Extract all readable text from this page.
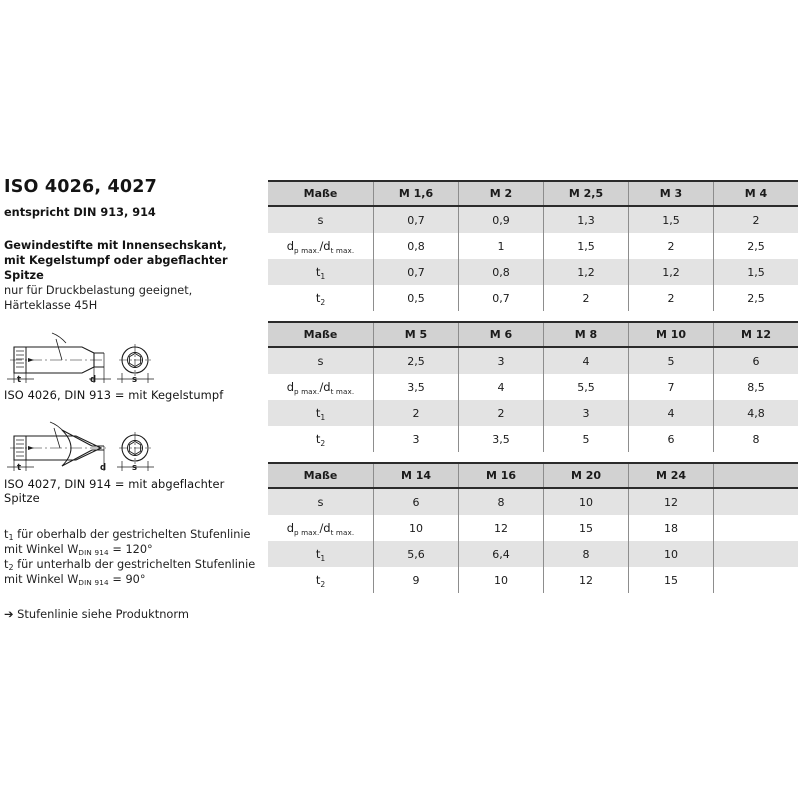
ISO 4026, 4027
entspricht DIN 913, 914
Gewindestifte mit Innensechskant,
mit Kegelstumpf oder abgeflachter Spitze
nur für Druckbelastung geeignet,
Härteklasse 45H
t	d	s
ISO 4026, DIN 913 = mit Kegelstumpf
t	d	s
ISO 4027, DIN 914 = mit abgeflachter Spitze
t1 für oberhalb der gestrichelten Stufenlinie
mit Winkel WDIN 914 = 120°
t2 für unterhalb der gestrichelten Stufenlinie
mit Winkel WDIN 914 = 90°
➔ Stufenlinie siehe Produktnorm
Maße	M 1,6	M 2	M 2,5	M 3	M 4
s	0,7	0,9	1,3	1,5	2
$d_{p max.}/d_{t max.}$	0,8	1	1,5	2	2,5
$t_1$	0,7	0,8	1,2	1,2	1,5
$t_2$	0,5	0,7	2	2	2,5
Maße	M 5	M 6	M 8	M 10	M 12
s	2,5	3	4	5	6
$d_{p max.}/d_{t max.}$	3,5	4	5,5	7	8,5
$t_1$	2	2	3	4	4,8
$t_2$	3	3,5	5	6	8
Maße	M 14	M 16	M 20	M 24	
s	6	8	10	12	
$d_{p max.}/d_{t max.}$	10	12	15	18	
$t_1$	5,6	6,4	8	10	
$t_2$	9	10	12	15	
